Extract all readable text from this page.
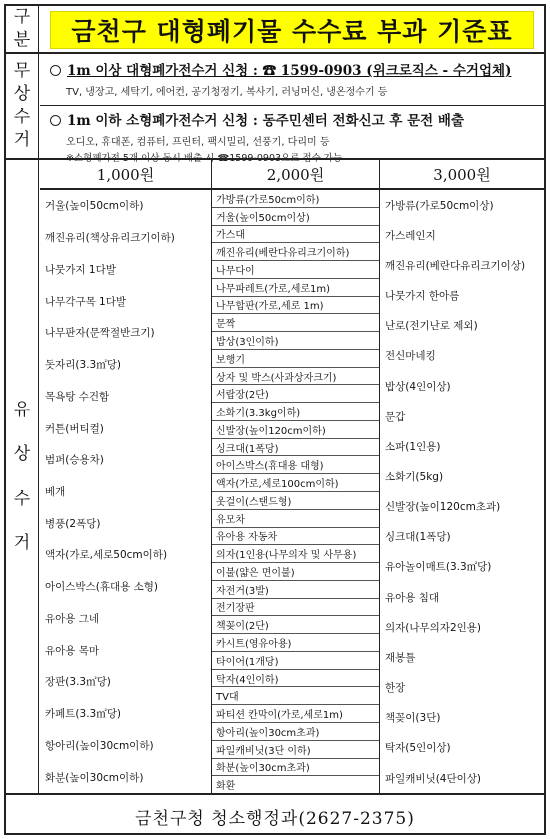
구
분 금천구 대형폐기물 수수료 부과 기준표
무
상
수
거
1m 이상 대형폐가전수거 신청 : ☎ 1599-0903 (위크로직스 - 수거업체)
TV, 냉장고, 세탁기, 에어컨, 공기청정기, 복사기, 러닝머신, 냉온정수기 등
1m 이하 소형폐가전수거 신청 : 동주민센터 전화신고 후 문전 배출
오디오, 휴대폰, 컴퓨터, 프린터, 팩시밀리, 선풍기, 다리미 등
※소형폐가전 5개 이상 동시 배출 시 ☎1599-0903으로 접수 가능
유
상
수
거
1,000원	2,000원	3,000원
거울(높이50cm이하)
깨진유리(책상유리크기이하)
나뭇가지 1다발
나무각구목 1다발
나무판자(문짝절반크기)
돗자리(3.3㎡당)
목욕탕 수건함
커튼(버티컬)
범퍼(승용차)
베개
병풍(2폭당)
액자(가로,세로50cm이하)
아이스박스(휴대용 소형)
유아용 그네
유아용 목마
장판(3.3㎡당)
카페트(3.3㎡당)
항아리(높이30cm이하)
화분(높이30cm이하)
가방류(가로50cm이하)
거울(높이50cm이상)
가스대
깨진유리(베란다유리크기이하)
나무다이
나무파레트(가로,세로1m)
나무합판(가로,세로 1m)
문짝
밥상(3인이하)
보행기
상자 및 박스(사과상자크기)
서랍장(2단)
소화기(3.3kg이하)
신발장(높이120cm이하)
싱크대(1폭당)
아이스박스(휴대용 대형)
액자(가로,세로100cm이하)
옷걸이(스탠드형)
유모차
유아용 자동차
의자(1인용(나무의자 및 사무용)
이불(얇은 면이불)
자전거(3발)
전기장판
책꽂이(2단)
카시트(영유아용)
타이어(1개당)
탁자(4인이하)
TV대
파티션 칸막이(가로,세로1m)
항아리(높이30cm초과)
파일캐비닛(3단 이하)
화분(높이30cm초과)
화환
가방류(가로50cm이상)
가스레인지
깨진유리(베란다유리크기이상)
나뭇가지 한아름
난로(전기난로 제외)
전신마네킹
밥상(4인이상)
문갑
소파(1인용)
소화기(5kg)
신발장(높이120cm초과)
싱크대(1폭당)
유아놀이매트(3.3㎡당)
유아용 침대
의자(나무의자2인용)
재봉틀
한장
책꽂이(3단)
탁자(5인이상)
파일캐비닛(4단이상)
금천구청 청소행정과(2627-2375)
